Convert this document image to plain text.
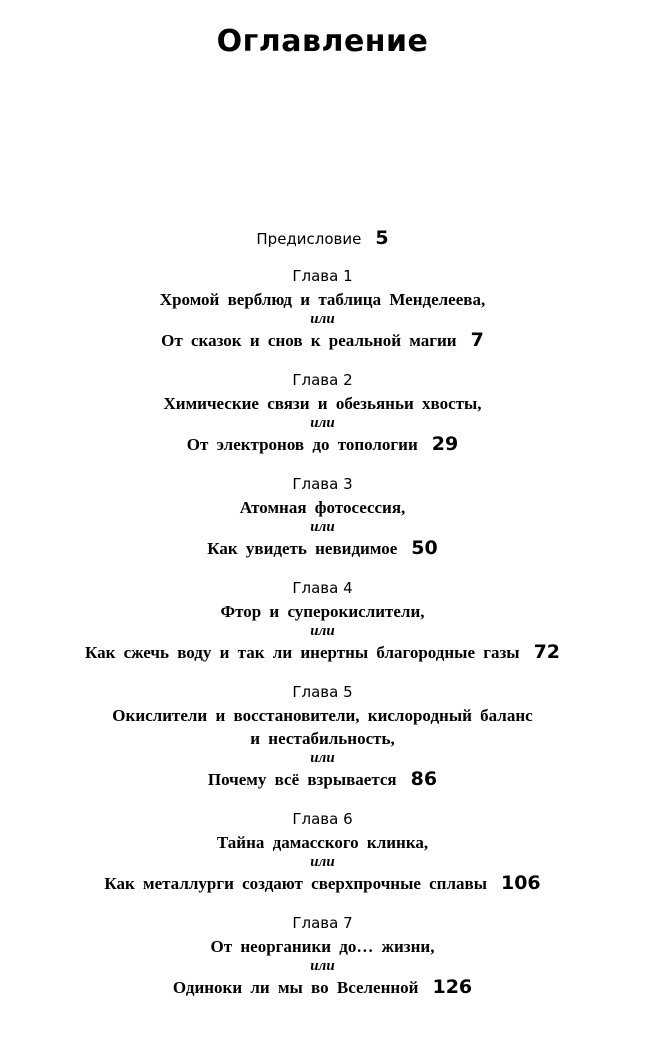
Оглавление
Предисловие 5
Глава 1
Хромой верблюд и таблица Менделеева,
или
От сказок и снов к реальной магии 7
Глава 2
Химические связи и обезьяньи хвосты,
или
От электронов до топологии 29
Глава 3
Атомная фотосессия,
или
Как увидеть невидимое 50
Глава 4
Фтор и суперокислители,
или
Как сжечь воду и так ли инертны благородные газы 72
Глава 5
Окислители и восстановители, кислородный баланс
и нестабильность,
или
Почему всё взрывается 86
Глава 6
Тайна дамасского клинка,
или
Как металлурги создают сверхпрочные сплавы 106
Глава 7
От неорганики до… жизни,
или
Одиноки ли мы во Вселенной 126
